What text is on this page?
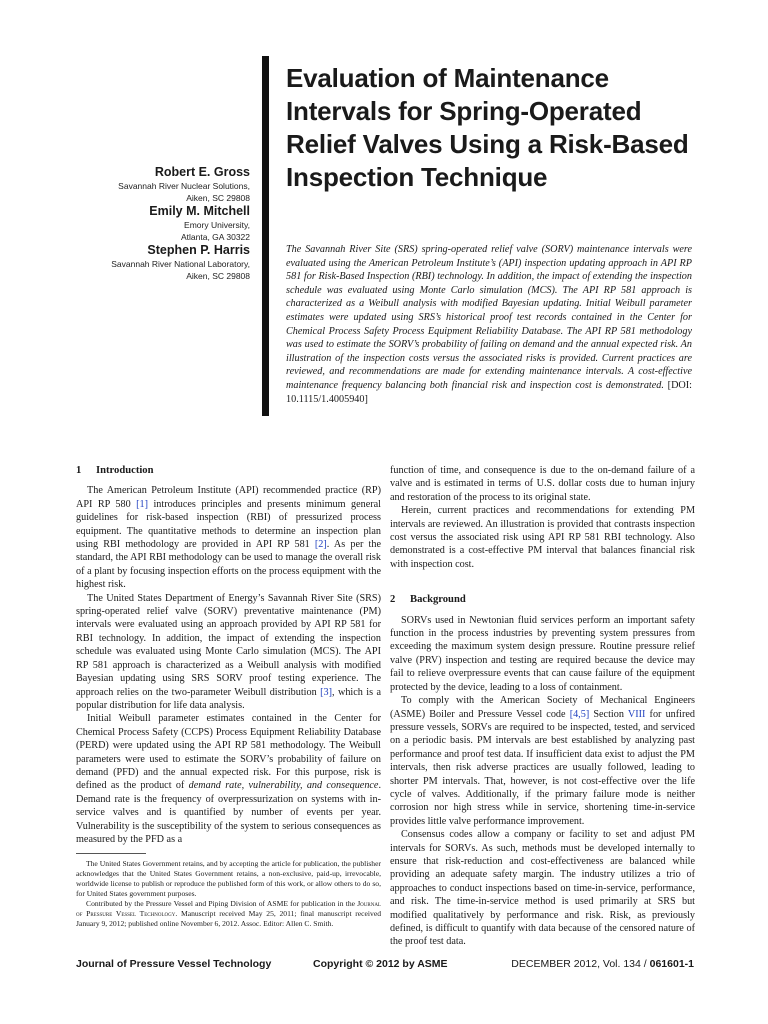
Robert E. Gross
Savannah River Nuclear Solutions,
Aiken, SC 29808
Emily M. Mitchell
Emory University,
Atlanta, GA 30322
Stephen P. Harris
Savannah River National Laboratory,
Aiken, SC 29808
Evaluation of Maintenance Intervals for Spring-Operated Relief Valves Using a Risk-Based Inspection Technique
The Savannah River Site (SRS) spring-operated relief valve (SORV) maintenance intervals were evaluated using the American Petroleum Institute’s (API) inspection updating approach in API RP 581 for Risk-Based Inspection (RBI) technology. In addition, the impact of extending the inspection schedule was evaluated using Monte Carlo simulation (MCS). The API RP 581 approach is characterized as a Weibull analysis with modified Bayesian updating. Initial Weibull parameter estimates were updated using SRS’s historical proof test records contained in the Center for Chemical Process Safety Process Equipment Reliability Database. The API RP 581 methodology was used to estimate the SORV’s probability of failing on demand and the annual expected risk. An illustration of the inspection costs versus the associated risks is provided. Current practices are reviewed, and recommendations are made for extending maintenance intervals. A cost-effective maintenance frequency balancing both financial risk and inspection cost is demonstrated. [DOI: 10.1115/1.4005940]
1 Introduction

The American Petroleum Institute (API) recommended practice (RP) API RP 580 [1] introduces principles and presents minimum general guidelines for risk-based inspection (RBI) of pressurized process equipment. The quantitative methods to determine an inspection plan using RBI methodology are provided in API RP 581 [2]. As per the standard, the API RBI methodology can be used to manage the overall risk of a plant by focusing inspection efforts on the process equipment with the highest risk.

The United States Department of Energy’s Savannah River Site (SRS) spring-operated relief valve (SORV) preventative maintenance (PM) intervals were evaluated using an approach provided by API RP 581 for RBI technology. In addition, the impact of extending the inspection schedule was evaluated using Monte Carlo simulation (MCS). The API RP 581 approach is characterized as a Weibull analysis with modified Bayesian updating using SRS SORV proof testing experience. The approach relies on the two-parameter Weibull distribution [3], which is a popular distribution for life data analysis.

Initial Weibull parameter estimates contained in the Center for Chemical Process Safety (CCPS) Process Equipment Reliability Database (PERD) were updated using the API RP 581 methodology. The Weibull parameters were used to estimate the SORV’s probability of failure on demand (PFD) and the annual expected risk. For this purpose, risk is defined as the product of demand rate, vulnerability, and consequence. Demand rate is the frequency of overpressurization on systems with in-service valves and is quantified by number of events per year. Vulnerability is the susceptibility of the system to serious consequences as measured by the PFD as a

The United States Government retains, and by accepting the article for publication, the publisher acknowledges that the United States Government retains, a non-exclusive, paid-up, irrevocable, worldwide license to publish or reproduce the published form of this work, or allow others to do so, for United States government purposes.

Contributed by the Pressure Vessel and Piping Division of ASME for publication in the Journal of Pressure Vessel Technology. Manuscript received May 25, 2011; final manuscript received January 9, 2012; published online November 6, 2012. Assoc. Editor: Allen C. Smith.

function of time, and consequence is due to the on-demand failure of a valve and is estimated in terms of U.S. dollar costs due to human injury and restoration of the process to its original state.

Herein, current practices and recommendations for extending PM intervals are reviewed. An illustration is provided that contrasts inspection cost versus the associated risk using API RP 581 RBI technology. Also demonstrated is a cost-effective PM interval that balances financial risk with inspection cost.

2 Background

SORVs used in Newtonian fluid services perform an important safety function in the process industries by preventing system pressures from exceeding the maximum system design pressure. Routine pressure relief valve (PRV) inspection and testing are required because the device may fail to relieve overpressure events that can cause failure of the equipment protected by the device, leading to a loss of containment.

To comply with the American Society of Mechanical Engineers (ASME) Boiler and Pressure Vessel code [4,5] Section VIII for unfired pressure vessels, SORVs are required to be inspected, tested, and serviced on a periodic basis. PM intervals are best established by analyzing past performance and proof test data. If insufficient data exist to adjust the PM intervals, then risk adverse practices are usually followed, leading to shorter PM intervals. That, however, is not cost-effective over the life cycle of valves. Additionally, if the primary failure mode is neither corrosion nor high stress while in service, shortening time-in-service provides little valve performance improvement.

Consensus codes allow a company or facility to set and adjust PM intervals for SORVs. As such, methods must be developed internally to ensure that risk-reduction and cost-effectiveness are balanced while providing an adequate safety margin. The industry utilizes a trio of approaches to conduct inspections based on time-in-service, performance, and risk. The time-in-service method is used primarily at SRS but modified qualitatively by performance and risk. Risk, as previously defined, is difficult to quantify with data because of the censored nature of the proof test data.

Journal of Pressure Vessel Technology	Copyright © 2012 by ASME	DECEMBER 2012, Vol. 134 / 061601-1
